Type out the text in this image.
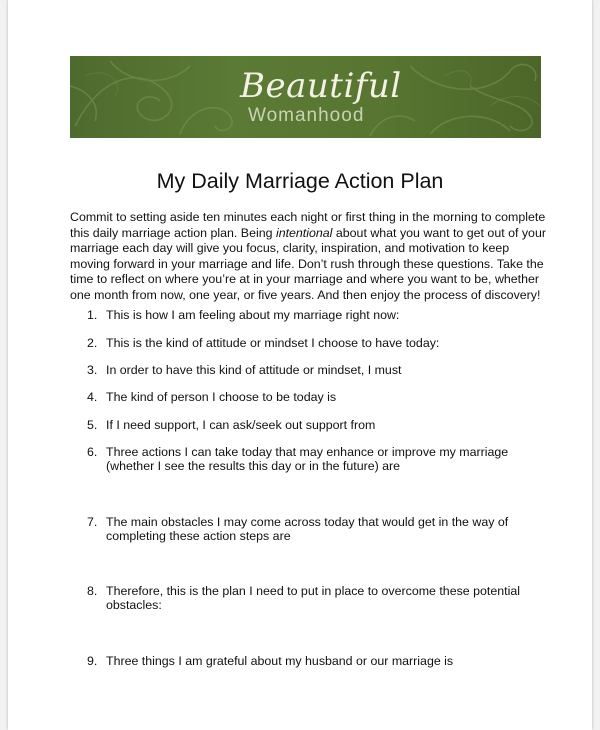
Beautiful
Womanhood
My Daily Marriage Action Plan
Commit to setting aside ten minutes each night or first thing in the morning to complete this daily marriage action plan. Being intentional about what you want to get out of your marriage each day will give you focus, clarity, inspiration, and motivation to keep moving forward in your marriage and life. Don’t rush through these questions. Take the time to reflect on where you’re at in your marriage and where you want to be, whether one month from now, one year, or five years. And then enjoy the process of discovery!
1. This is how I am feeling about my marriage right now:
2. This is the kind of attitude or mindset I choose to have today:
3. In order to have this kind of attitude or mindset, I must
4. The kind of person I choose to be today is
5. If I need support, I can ask/seek out support from
6. Three actions I can take today that may enhance or improve my marriage (whether I see the results this day or in the future) are
7. The main obstacles I may come across today that would get in the way of completing these action steps are
8. Therefore, this is the plan I need to put in place to overcome these potential obstacles:
9. Three things I am grateful about my husband or our marriage is
